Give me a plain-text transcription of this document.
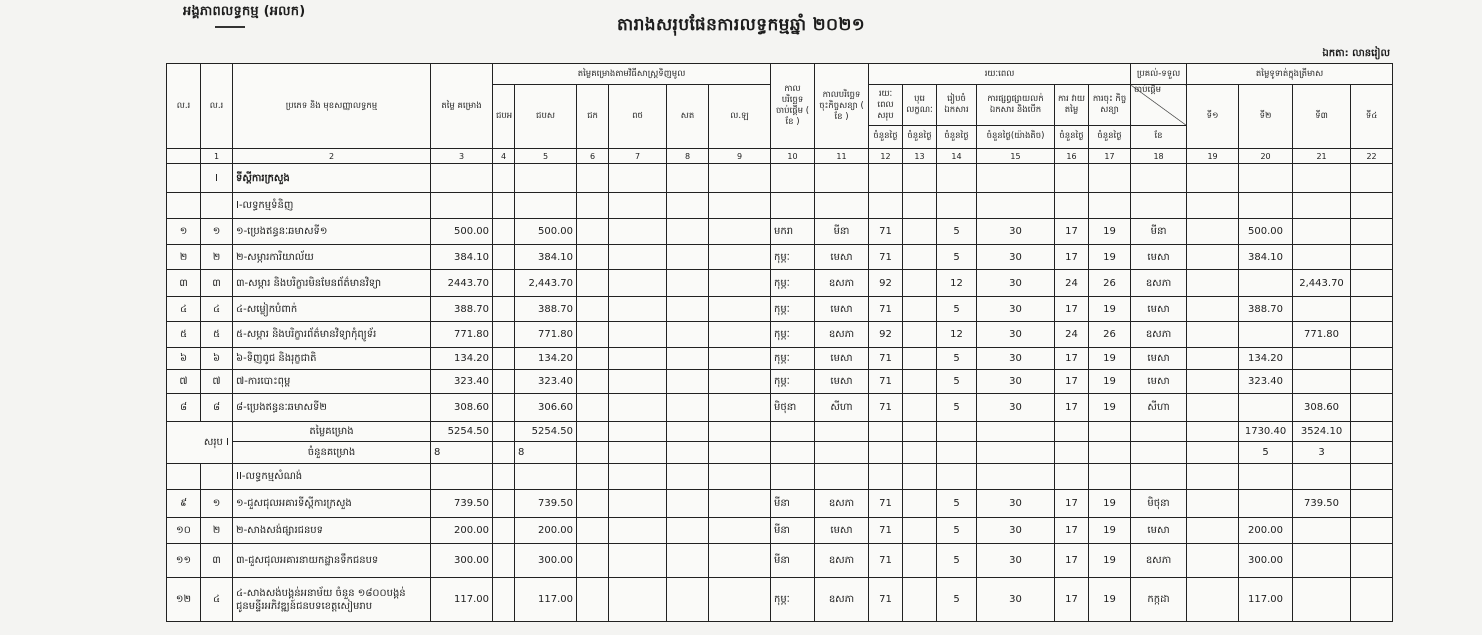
អង្គភាពលទ្ធកម្ម (អលក)
តារាងសរុបផែនការលទ្ធកម្មឆ្នាំ ២០២១
ឯកតា: លានរៀល
ល.រ	ល.រ	ប្រភេទ និង មុខសញ្ញាលទ្ធកម្ម	តម្លៃ គម្រោង	តម្លៃគម្រោងតាមវិធីសាស្ត្រទិញមូល						កាល បរិច្ឆេទ ចាប់ផ្តើម ( ខែ )	កាលបរិច្ឆេទ ចុះកិច្ចសន្យា ( ខែ )	រយៈពេល						ប្រគល់-ទទួល	តម្លៃទូទាត់ក្នុងត្រីមាស			
				ជបអ	ជបស	ជក	ពថ	សត	ល.ឡ			រយៈពេល សរុប	បុរេ លក្ខណៈ	រៀបចំ ឯកសារ	ការផ្សព្វផ្សាយលក់ ឯកសារ និងបើក	ការ វាយតម្លៃ	ការចុះ កិច្ចសន្យា	ចាប់ផ្តើម	ទី១	ទី២	ទី៣	ទី៤
												ចំនួនថ្ងៃ	ចំនួនថ្ងៃ	ចំនួនថ្ងៃ	ចំនួនថ្ងៃ(យ៉ាងតិច)	ចំនួនថ្ងៃ	ចំនួនថ្ងៃ	ខែ				
	1	2	3	4	5	6	7	8	9	10	11	12	13	14	15	16	17	18	19	20	21	22
	I	ទីស្តីការក្រសួង																				
		I-លទ្ធកម្មទំនិញ																				
១	១	១-ប្រេងឥន្ធនៈឆមាសទី១	500.00		500.00					មករា	មីនា	71		5	30	17	19	មីនា		500.00		
២	២	២-សម្ភារការិយាល័យ	384.10		384.10					កុម្ភៈ	មេសា	71		5	30	17	19	មេសា		384.10		
៣	៣	៣-សម្ភារ និងបរិក្ខារមិនមែនព័ត៌មានវិទ្យា	2443.70		2,443.70					កុម្ភៈ	ឧសភា	92		12	30	24	26	ឧសភា			2,443.70	
៤	៤	៤-សម្លៀកបំពាក់	388.70		388.70					កុម្ភៈ	មេសា	71		5	30	17	19	មេសា		388.70		
៥	៥	៥-សម្ភារ និងបរិក្ខារព័ត៌មានវិទ្យាកុំព្យូទ័រ	771.80		771.80					កុម្ភៈ	ឧសភា	92		12	30	24	26	ឧសភា			771.80	
៦	៦	៦-ទិញពូជ និងរុក្ខជាតិ	134.20		134.20					កុម្ភៈ	មេសា	71		5	30	17	19	មេសា		134.20		
៧	៧	៧-ការបោះពុម្ព	323.40		323.40					កុម្ភៈ	មេសា	71		5	30	17	19	មេសា		323.40		
៨	៨	៨-ប្រេងឥន្ធនៈឆមាសទី២	308.60		306.60					មិថុនា	សីហា	71		5	30	17	19	សីហា			308.60	
សរុប I		តម្លៃគម្រោង	5254.50		5254.50															1730.40	3524.10	
		ចំនួនគម្រោង	8		8															5	3	
		II-លទ្ធកម្មសំណង់																				
៩	១	១-ជួសជុលអគារទីស្តីការក្រសួង	739.50		739.50					មីនា	ឧសភា	71		5	30	17	19	មិថុនា			739.50	
១០	២	២-សាងសង់ផ្សារជនបទ	200.00		200.00					មីនា	មេសា	71		5	30	17	19	មេសា		200.00		
១១	៣	៣-ជួសជុលអគារនាយកដ្ឋានទឹកជនបទ	300.00		300.00					មីនា	ឧសភា	71		5	30	17	19	ឧសភា		300.00		
១២	៤	៤-សាងសង់បង្គន់អនាម័យ ចំនួន ១៨០០បង្គន់ ជូនមន្ទីរអភិវឌ្ឍន៍ជនបទខេត្តសៀមរាប	117.00		117.00					កុម្ភៈ	ឧសភា	71		5	30	17	19	កក្កដា		117.00		
